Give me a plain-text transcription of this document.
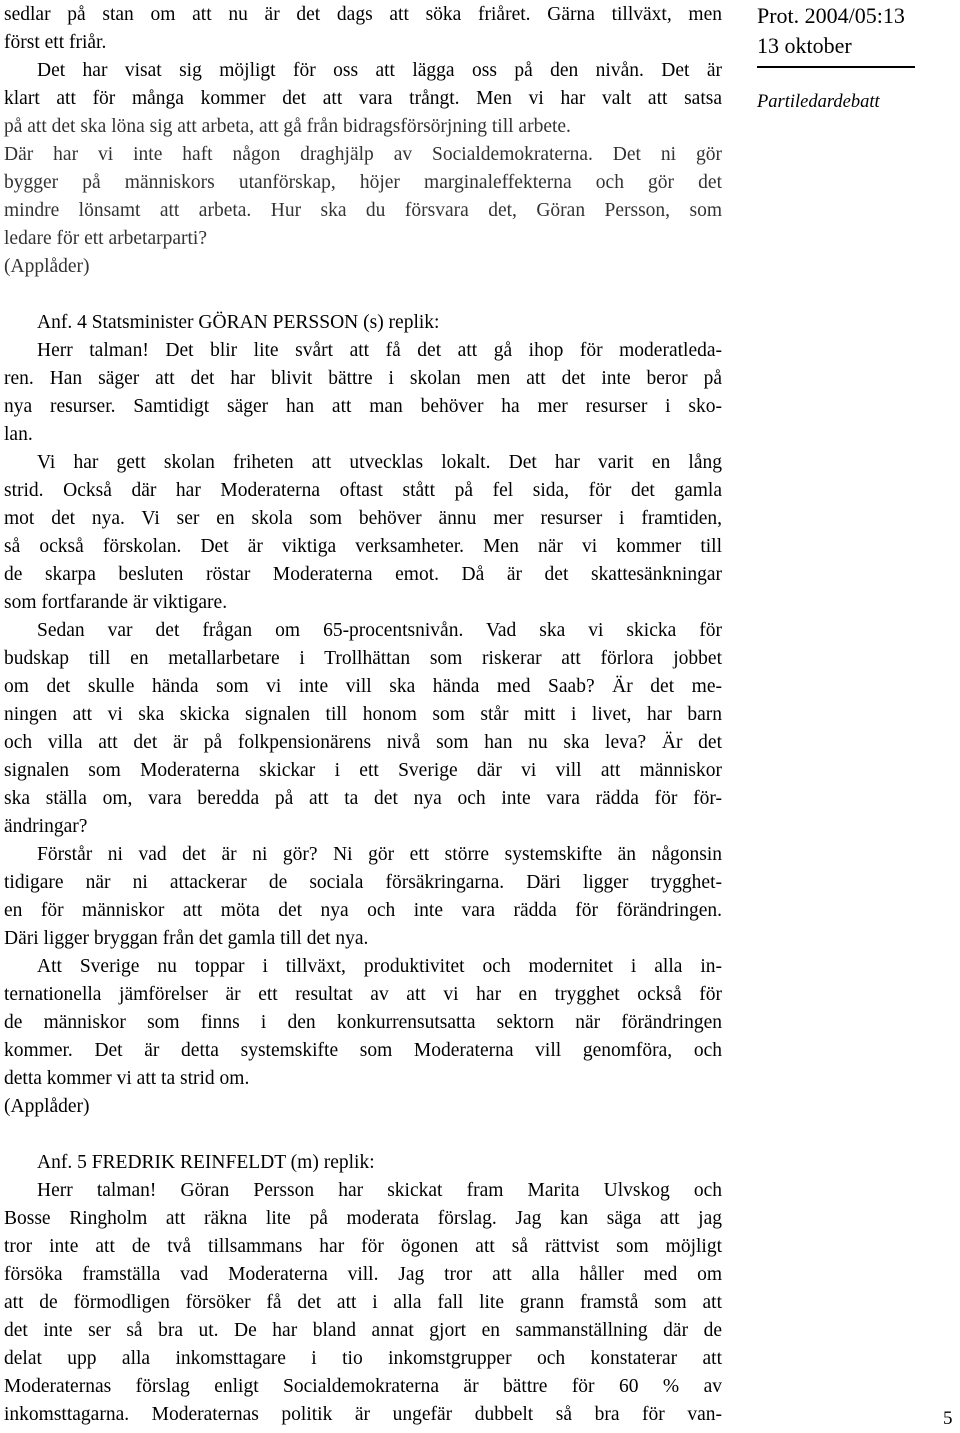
sedlar på stan om att nu är det dags att söka friåret. Gärna tillväxt, men
först ett friår.
Det har visat sig möjligt för oss att lägga oss på den nivån. Det är
klart att för många kommer det att vara trångt. Men vi har valt att satsa
på att det ska löna sig att arbeta, att gå från bidragsförsörjning till arbete.
Där har vi inte haft någon draghjälp av Socialdemokraterna. Det ni gör
bygger på människors utanförskap, höjer marginaleffekterna och gör det
mindre lönsamt att arbeta. Hur ska du försvara det, Göran Persson, som
ledare för ett arbetarparti?
(Applåder)
Anf. 4 Statsminister GÖRAN PERSSON (s) replik:
Herr talman! Det blir lite svårt att få det att gå ihop för moderatleda-
ren. Han säger att det har blivit bättre i skolan men att det inte beror på
nya resurser. Samtidigt säger han att man behöver ha mer resurser i sko-
lan.
Vi har gett skolan friheten att utvecklas lokalt. Det har varit en lång
strid. Också där har Moderaterna oftast stått på fel sida, för det gamla
mot det nya. Vi ser en skola som behöver ännu mer resurser i framtiden,
så också förskolan. Det är viktiga verksamheter. Men när vi kommer till
de skarpa besluten röstar Moderaterna emot. Då är det skattesänkningar
som fortfarande är viktigare.
Sedan var det frågan om 65-procentsnivån. Vad ska vi skicka för
budskap till en metallarbetare i Trollhättan som riskerar att förlora jobbet
om det skulle hända som vi inte vill ska hända med Saab? Är det me-
ningen att vi ska skicka signalen till honom som står mitt i livet, har barn
och villa att det är på folkpensionärens nivå som han nu ska leva? Är det
signalen som Moderaterna skickar i ett Sverige där vi vill att människor
ska ställa om, vara beredda på att ta det nya och inte vara rädda för för-
ändringar?
Förstår ni vad det är ni gör? Ni gör ett större systemskifte än någonsin
tidigare när ni attackerar de sociala försäkringarna. Däri ligger trygghet-
en för människor att möta det nya och inte vara rädda för förändringen.
Däri ligger bryggan från det gamla till det nya.
Att Sverige nu toppar i tillväxt, produktivitet och modernitet i alla in-
ternationella jämförelser är ett resultat av att vi har en trygghet också för
de människor som finns i den konkurrensutsatta sektorn när förändringen
kommer. Det är detta systemskifte som Moderaterna vill genomföra, och
detta kommer vi att ta strid om.
(Applåder)
Anf. 5 FREDRIK REINFELDT (m) replik:
Herr talman! Göran Persson har skickat fram Marita Ulvskog och
Bosse Ringholm att räkna lite på moderata förslag. Jag kan säga att jag
tror inte att de två tillsammans har för ögonen att så rättvist som möjligt
försöka framställa vad Moderaterna vill. Jag tror att alla håller med om
att de förmodligen försöker få det att i alla fall lite grann framstå som att
det inte ser så bra ut. De har bland annat gjort en sammanställning där de
delat upp alla inkomsttagare i tio inkomstgrupper och konstaterar att
Moderaternas förslag enligt Socialdemokraterna är bättre för 60 % av
inkomsttagarna. Moderaternas politik är ungefär dubbelt så bra för van-
Prot. 2004/05:13
13 oktober
Partiledardebatt
5
